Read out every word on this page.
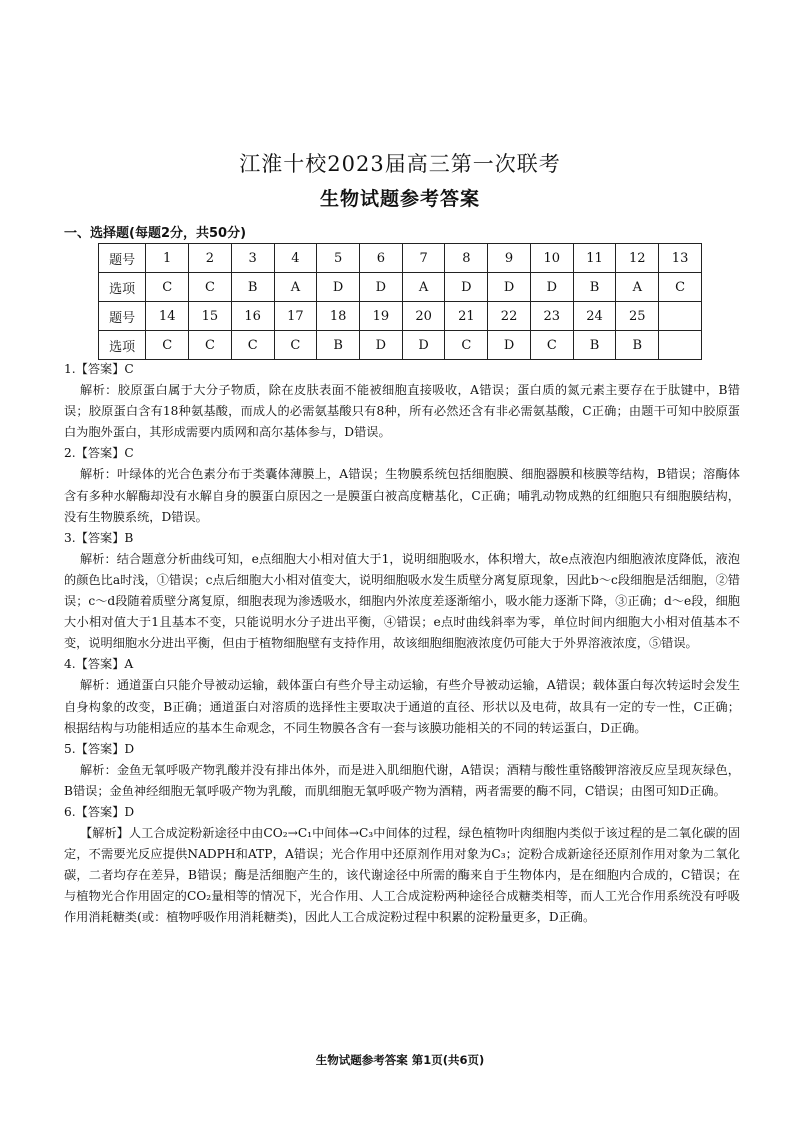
江淮十校2023届高三第一次联考
生物试题参考答案
一、选择题(每题2分，共50分)
题号	1	2	3	4	5	6	7	8	9	10	11	12	13
选项	C	C	B	A	D	D	A	D	D	D	B	A	C
题号	14	15	16	17	18	19	20	21	22	23	24	25	
选项	C	C	C	C	B	D	D	C	D	C	B	B	

1.【答案】C

解析：胶原蛋白属于大分子物质，除在皮肤表面不能被细胞直接吸收，A错误；蛋白质的氮元素主要存在于肽键中，B错误；胶原蛋白含有18种氨基酸，而成人的必需氨基酸只有8种，所有必然还含有非必需氨基酸，C正确；由题干可知中胶原蛋白为胞外蛋白，其形成需要内质网和高尔基体参与，D错误。

2.【答案】C

解析：叶绿体的光合色素分布于类囊体薄膜上，A错误；生物膜系统包括细胞膜、细胞器膜和核膜等结构，B错误；溶酶体含有多种水解酶却没有水解自身的膜蛋白原因之一是膜蛋白被高度糖基化，C正确；哺乳动物成熟的红细胞只有细胞膜结构，没有生物膜系统，D错误。

3.【答案】B

解析：结合题意分析曲线可知，e点细胞大小相对值大于1，说明细胞吸水，体积增大，故e点液泡内细胞液浓度降低，液泡的颜色比a时浅，①错误；c点后细胞大小相对值变大，说明细胞吸水发生质壁分离复原现象，因此b～c段细胞是活细胞，②错误；c～d段随着质壁分离复原，细胞表现为渗透吸水，细胞内外浓度差逐渐缩小，吸水能力逐渐下降，③正确；d～e段，细胞大小相对值大于1且基本不变，只能说明水分子进出平衡，④错误；e点时曲线斜率为零，单位时间内细胞大小相对值基本不变，说明细胞水分进出平衡，但由于植物细胞壁有支持作用，故该细胞细胞液浓度仍可能大于外界溶液浓度，⑤错误。

4.【答案】A

解析：通道蛋白只能介导被动运输，载体蛋白有些介导主动运输，有些介导被动运输，A错误；载体蛋白每次转运时会发生自身构象的改变，B正确；通道蛋白对溶质的选择性主要取决于通道的直径、形状以及电荷，故具有一定的专一性，C正确；根据结构与功能相适应的基本生命观念，不同生物膜各含有一套与该膜功能相关的不同的转运蛋白，D正确。

5.【答案】D

解析：金鱼无氧呼吸产物乳酸并没有排出体外，而是进入肌细胞代谢，A错误；酒精与酸性重铬酸钾溶液反应呈现灰绿色，B错误；金鱼神经细胞无氧呼吸产物为乳酸，而肌细胞无氧呼吸产物为酒精，两者需要的酶不同，C错误；由图可知D正确。

6.【答案】D

【解析】人工合成淀粉新途径中由CO₂→C₁中间体→C₃中间体的过程，绿色植物叶肉细胞内类似于该过程的是二氧化碳的固定，不需要光反应提供NADPH和ATP，A错误；光合作用中还原剂作用对象为C₃；淀粉合成新途径还原剂作用对象为二氧化碳，二者均存在差异，B错误；酶是活细胞产生的，该代谢途径中所需的酶来自于生物体内，是在细胞内合成的，C错误；在与植物光合作用固定的CO₂量相等的情况下，光合作用、人工合成淀粉两种途径合成糖类相等，而人工光合作用系统没有呼吸作用消耗糖类(或：植物呼吸作用消耗糖类)，因此人工合成淀粉过程中积累的淀粉量更多，D正确。

生物试题参考答案 第1页(共6页)
